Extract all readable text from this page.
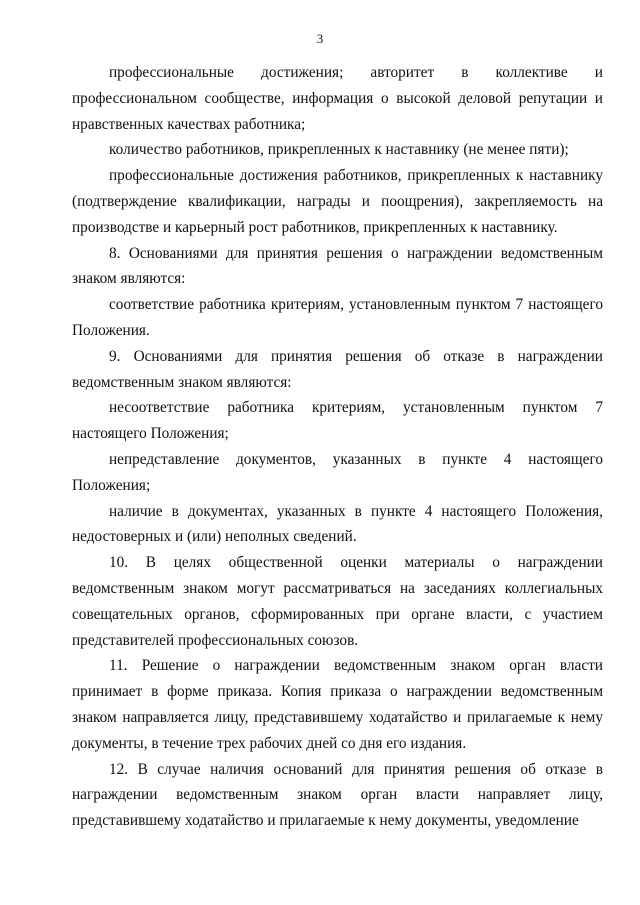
3

профессиональные достижения; авторитет в коллективе и профессиональном сообществе, информация о высокой деловой репутации и нравственных качествах работника;

количество работников, прикрепленных к наставнику (не менее пяти);

профессиональные достижения работников, прикрепленных к наставнику (подтверждение квалификации, награды и поощрения), закрепляемость на производстве и карьерный рост работников, прикрепленных к наставнику.

8. Основаниями для принятия решения о награждении ведомственным знаком являются:

соответствие работника критериям, установленным пунктом 7 настоящего Положения.

9. Основаниями для принятия решения об отказе в награждении ведомственным знаком являются:

несоответствие работника критериям, установленным пунктом 7 настоящего Положения;

непредставление документов, указанных в пункте 4 настоящего Положения;

наличие в документах, указанных в пункте 4 настоящего Положения, недостоверных и (или) неполных сведений.

10. В целях общественной оценки материалы о награждении ведомственным знаком могут рассматриваться на заседаниях коллегиальных совещательных органов, сформированных при органе власти, с участием представителей профессиональных союзов.

11. Решение о награждении ведомственным знаком орган власти принимает в форме приказа. Копия приказа о награждении ведомственным знаком направляется лицу, представившему ходатайство и прилагаемые к нему документы, в течение трех рабочих дней со дня его издания.

12. В случае наличия оснований для принятия решения об отказе в награждении ведомственным знаком орган власти направляет лицу, представившему ходатайство и прилагаемые к нему документы, уведомление
